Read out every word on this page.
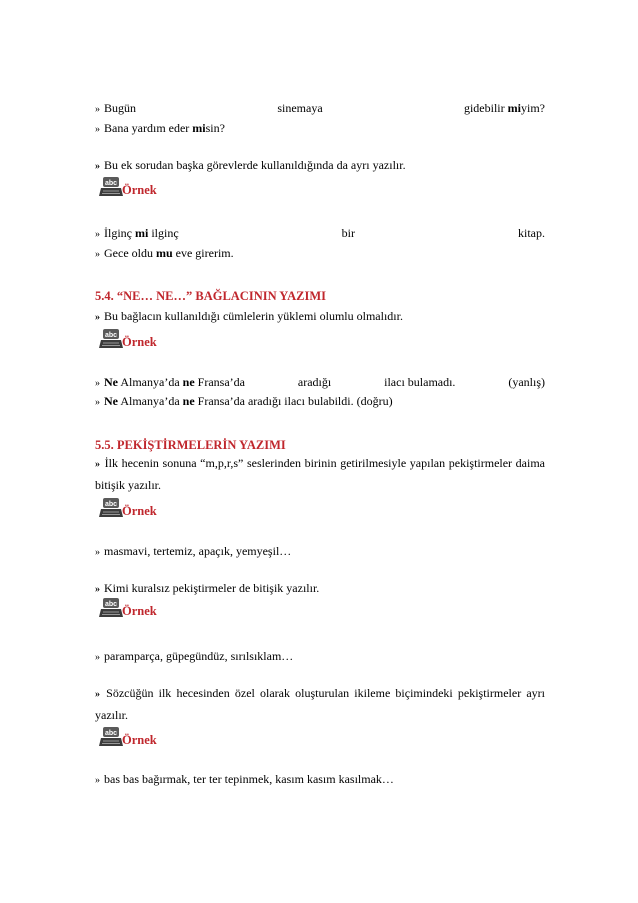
» Bugün	sinemaya	gidebilir miyim?
» Bana yardım eder misin?
» Bu ek sorudan başka görevlerde kullanıldığında da ayrı yazılır.
abc Örnek
» İlginç mi ilginç	bir	kitap.
» Gece oldu mu eve girerim.
5.4. “NE… NE…” BAĞLACININ YAZIMI
» Bu bağlacın kullanıldığı cümlelerin yüklemi olumlu olmalıdır.
abc Örnek
» Ne Almanya’da ne Fransa’da	aradığı	ilacı bulamadı.	(yanlış)
» Ne Almanya’da ne Fransa’da aradığı ilacı bulabildi. (doğru)
5.5. PEKİŞTİRMELERİN YAZIMI
» İlk hecenin sonuna “m,p,r,s” seslerinden birinin getirilmesiyle yapılan pekiştirmeler daima bitişik yazılır.
abc Örnek
» masmavi, tertemiz, apaçık, yemyeşil…
» Kimi kuralsız pekiştirmeler de bitişik yazılır.
abc Örnek
» paramparça, güpegündüz, sırılsıklam…
» Sözcüğün ilk hecesinden özel olarak oluşturulan ikileme biçimindeki pekiştirmeler ayrı yazılır.
abc Örnek
» bas bas bağırmak, ter ter tepinmek, kasım kasım kasılmak…
